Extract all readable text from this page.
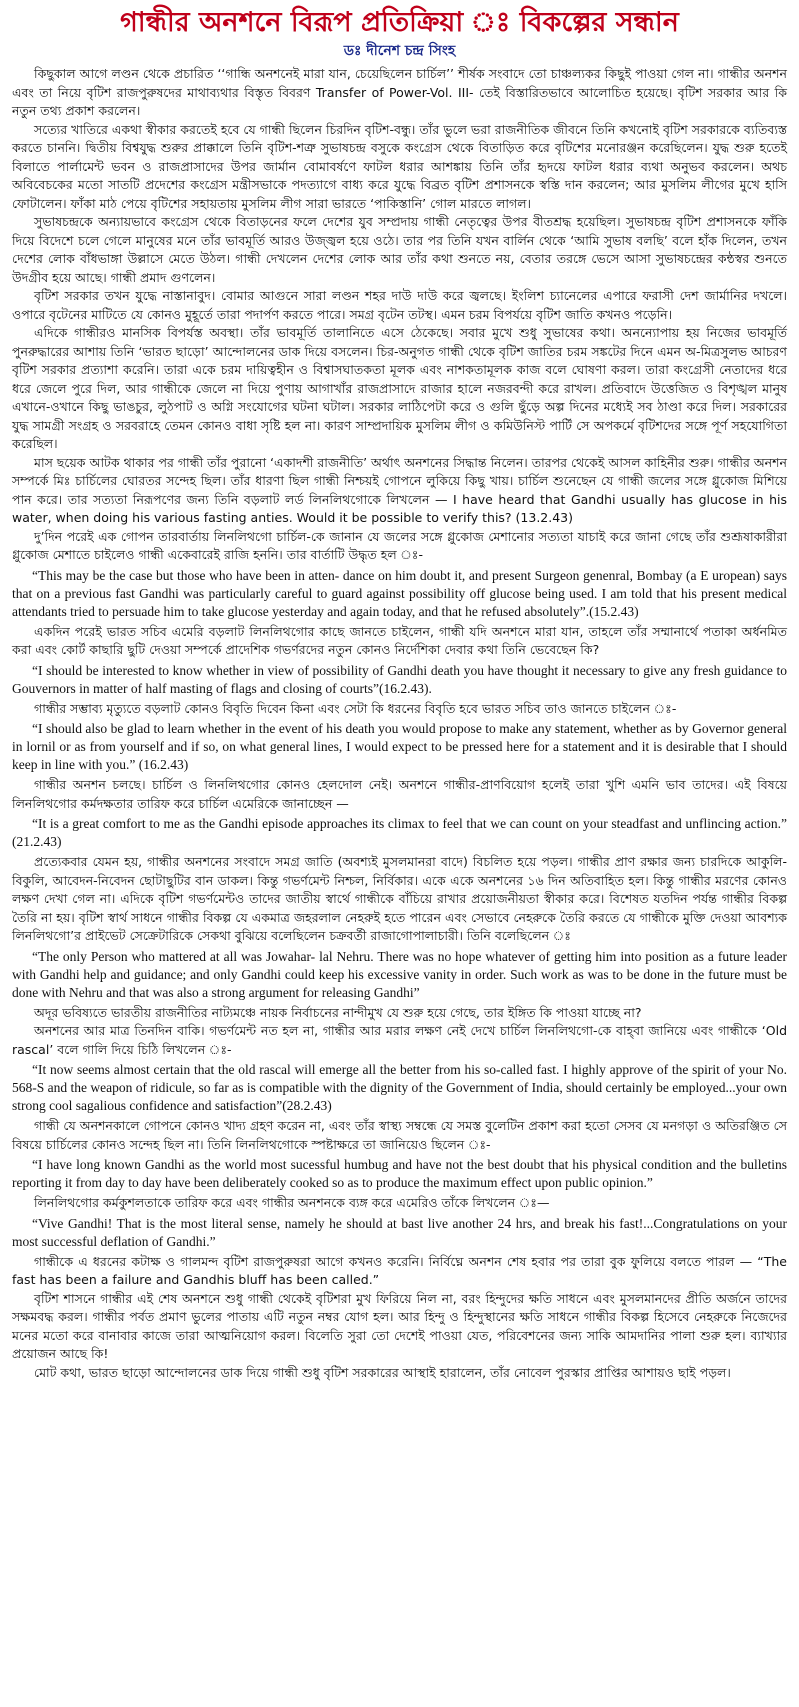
গান্ধীর অনশনে বিরূপ প্রতিক্রিয়া ঃ বিকল্পের সন্ধান
ডঃ দীনেশ চন্দ্র সিংহ

কিছুকাল আগে লণ্ডন থেকে প্রচারিত ‘‘গান্ধি অনশনেই মারা যান, চেয়েছিলেন চার্চিল’’ শীর্ষক সংবাদে তো চাঞ্চল্যকর কিছুই পাওয়া গেল না। গান্ধীর অনশন এবং তা নিয়ে বৃটিশ রাজপুরুষদের মাথাব্যথার বিস্তৃত বিবরণ Transfer of Power-Vol. III- তেই বিস্তারিতভাবে আলোচিত হয়েছে। বৃটিশ সরকার আর কি নতুন তথ্য প্রকাশ করলেন।

সত্যের খাতিরে একথা স্বীকার করতেই হবে যে গান্ধী ছিলেন চিরদিন বৃটিশ-বন্ধু। তাঁর ভুলে ভরা রাজনীতিক জীবনে তিনি কখনোই বৃটিশ সরকারকে ব্যতিব্যস্ত করতে চাননি। দ্বিতীয় বিশ্বযুদ্ধ শুরুর প্রাক্কালে তিনি বৃটিশ-শত্রু সুভাষচন্দ্র বসুকে কংগ্রেস থেকে বিতাড়িত করে বৃটিশের মনোরঞ্জন করেছিলেন। যুদ্ধ শুরু হতেই বিলাতে পার্লামেন্ট ভবন ও রাজপ্রাসাদের উপর জার্মান বোমাবর্ষণে ফাটল ধরার আশঙ্কায় তিনি তাঁর হৃদয়ে ফাটল ধরার ব্যথা অনুভব করলেন। অথচ অবিবেচকের মতো সাতটি প্রদেশের কংগ্রেস মন্ত্রীসভাকে পদত্যাগে বাধ্য করে যুদ্ধে বিব্রত বৃটিশ প্রশাসনকে স্বস্তি দান করলেন; আর মুসলিম লীগের মুখে হাসি ফোটালেন। ফাঁকা মাঠ পেয়ে বৃটিশের সহায়তায় মুসলিম লীগ সারা ভারতে ‘পাকিস্তানি’ গোল মারতে লাগল।

সুভাষচন্দ্রকে অন্যায়ভাবে কংগ্রেস থেকে বিতাড়নের ফলে দেশের যুব সম্প্রদায় গান্ধী নেতৃত্বের উপর বীতশ্রদ্ধ হয়েছিল। সুভাষচন্দ্র বৃটিশ প্রশাসনকে ফাঁকি দিয়ে বিদেশে চলে গেলে মানুষের মনে তাঁর ভাবমূর্তি আরও উজ্জ্বল হয়ে ওঠে। তার পর তিনি যখন বার্লিন থেকে ‘আমি সুভাষ বলছি’ বলে হাঁক দিলেন, তখন দেশের লোক বাঁধভাঙ্গা উল্লাসে মেতে উঠল। গান্ধী দেখলেন দেশের লোক আর তাঁর কথা শুনতে নয়, বেতার তরঙ্গে ভেসে আসা সুভাষচন্দ্রের কন্ঠস্বর শুনতে উদগ্রীব হয়ে আছে। গান্ধী প্রমাদ গুণলেন।

বৃটিশ সরকার তখন যুদ্ধে নাস্তানাবুদ। বোমার আগুনে সারা লণ্ডন শহর দাউ দাউ করে জ্বলছে। ইংলিশ চ্যানেলের এপারে ফরাসী দেশ জার্মানির দখলে। ওপারে বৃটেনের মাটিতে যে কোনও মুহূর্তে তারা পদার্পণ করতে পারে। সমগ্র বৃটেন তটস্থ। এমন চরম বিপর্যয়ে বৃটিশ জাতি কখনও পড়েনি।

এদিকে গান্ধীরও মানসিক বিপর্যস্ত অবস্থা। তাঁর ভাবমূর্তি তালানিতে এসে ঠেকেছে। সবার মুখে শুধু সুভাষের কথা। অনন্যোপায় হয় নিজের ভাবমূর্তি পুনরুদ্ধারের আশায় তিনি ‘ভারত ছাড়ো’ আন্দোলনের ডাক দিয়ে বসলেন। চির-অনুগত গান্ধী থেকে বৃটিশ জাতির চরম সঙ্কটের দিনে এমন অ-মিত্রসুলভ আচরণ বৃটিশ সরকার প্রত্যাশা করেনি। তারা একে চরম দায়িত্বহীন ও বিশ্বাসঘাতকতা মূলক এবং নাশকতামূলক কাজ বলে ঘোষণা করল। তারা কংগ্রেসী নেতাদের ধরে ধরে জেলে পুরে দিল, আর গান্ধীকে জেলে না দিয়ে পুণায় আগাখাঁর রাজপ্রাসাদে রাজার হালে নজরবন্দী করে রাখল। প্রতিবাদে উত্তেজিত ও বিশৃঙ্খল মানুষ এখানে-ওখানে কিছু ভাঙচুর, লুঠপাট ও অগ্নি সংযোগের ঘটনা ঘটাল। সরকার লাঠিপেটা করে ও গুলি ছুঁড়ে অল্প দিনের মধ্যেই সব ঠাণ্ডা করে দিল। সরকারের যুদ্ধ সামগ্রী সংগ্রহ ও সরবরাহে তেমন কোনও বাধা সৃষ্টি হল না। কারণ সাম্প্রদায়িক মুসলিম লীগ ও কমিউনিস্ট পার্টি সে অপকর্মে বৃটিশদের সঙ্গে পূর্ণ সহযোগিতা করেছিল।

মাস ছয়েক আটক থাকার পর গান্ধী তাঁর পুরানো ‘একাদশী রাজনীতি’ অর্থাৎ অনশনের সিদ্ধান্ত নিলেন। তারপর থেকেই আসল কাহিনীর শুরু। গান্ধীর অনশন সম্পর্কে মিঃ চার্চিলের ঘোরতর সন্দেহ ছিল। তাঁর ধারণা ছিল গান্ধী নিশ্চয়ই গোপনে লুকিয়ে কিছু খায়। চার্চিল শুনেছেন যে গান্ধী জলের সঙ্গে গ্লুকোজ মিশিয়ে পান করে। তার সত্যতা নিরূপণের জন্য তিনি বড়লাট লর্ড লিনলিথগোকে লিখলেন — I have heard that Gandhi usually has glucose in his water, when doing his various fasting anties. Would it be possible to verify this? (13.2.43)

দু’দিন পরেই এক গোপন তারবার্তায় লিনলিথগো চার্চিল-কে জানান যে জলের সঙ্গে গ্লুকোজ মেশানোর সত্যতা যাচাই করে জানা গেছে তাঁর শুশ্রূষাকারীরা গ্লুকোজ মেশাতে চাইলেও গান্ধী একেবারেই রাজি হননি। তার বার্তাটি উদ্ধৃত হল ঃ-

“This may be the case but those who have been in atten- dance on him doubt it, and present Surgeon genenral, Bombay (a E uropean) says that on a previous fast Gandhi was particularly careful to guard against possibility off glucose being used. I am told that his present medical attendants tried to persuade him to take glucose yesterday and again today, and that he refused absolutely”.(15.2.43)

একদিন পরেই ভারত সচিব এমেরি বড়লাট লিনলিথগোর কাছে জানতে চাইলেন, গান্ধী যদি অনশনে মারা যান, তাহলে তাঁর সম্মানার্থে পতাকা অর্ধনমিত করা এবং কোর্ট কাছারি ছুটি দেওয়া সম্পর্কে প্রাদেশিক গভর্ণরদের নতুন কোনও নির্দেশিকা দেবার কথা তিনি ভেবেছেন কি?

“I should be interested to know whether in view of possibility of Gandhi death you have thought it necessary to give any fresh guidance to Gouvernors in matter of half masting of flags and closing of courts”(16.2.43).

গান্ধীর সম্ভাব্য মৃত্যুতে বড়লাট কোনও বিবৃতি দিবেন কিনা এবং সেটা কি ধরনের বিবৃতি হবে ভারত সচিব তাও জানতে চাইলেন ঃ-

“I should also be glad to learn whether in the event of his death you would propose to make any statement, whether as by Governor general in lornil or as from yourself and if so, on what general lines, I would expect to be pressed here for a statement and it is desirable that I should keep in line with you.” (16.2.43)

গান্ধীর অনশন চলছে। চার্চিল ও লিনলিথগোর কোনও হেলদোল নেই। অনশনে গান্ধীর-প্রাণবিয়োগ হলেই তারা খুশি এমনি ভাব তাদের। এই বিষয়ে লিনলিথগোর কর্মদক্ষতার তারিফ করে চার্চিল এমেরিকে জানাচ্ছেন —

“It is a great comfort to me as the Gandhi episode approaches its climax to feel that we can count on your steadfast and unflincing action.” (21.2.43)

প্রত্যেকবার যেমন হয়, গান্ধীর অনশনের সংবাদে সমগ্র জাতি (অবশ্যই মুসলমানরা বাদে) বিচলিত হয়ে পড়ল। গান্ধীর প্রাণ রক্ষার জন্য চারদিকে আকুলি-বিকুলি, আবেদন-নিবেদন ছোটাছুটির বান ডাকল। কিন্তু গভর্ণমেন্ট নিশ্চল, নির্বিকার। একে একে অনশনের ১৬ দিন অতিবাহিত হল। কিন্তু গান্ধীর মরণের কোনও লক্ষণ দেখা গেল না। এদিকে বৃটিশ গভর্ণমেন্টও তাদের জাতীয় স্বার্থে গান্ধীকে বাঁচিয়ে রাখার প্রয়োজনীয়তা স্বীকার করে। বিশেষত যতদিন পর্যন্ত গান্ধীর বিকল্প তৈরি না হয়। বৃটিশ স্বার্থ সাধনে গান্ধীর বিকল্প যে একমাত্র জহরলাল নেহরুই হতে পারেন এবং সেভাবে নেহরুকে তৈরি করতে যে গান্ধীকে মুক্তি দেওয়া আবশ্যক লিনলিথগো’র প্রাইভেট সেক্রেটারিকে সেকথা বুঝিয়ে বলেছিলেন চক্রবর্তী রাজাগোপালাচারী। তিনি বলেছিলেন ঃ

“The only Person who mattered at all was Jowahar- lal Nehru. There was no hope whatever of getting him into position as a future leader with Gandhi help and guidance; and only Gandhi could keep his excessive vanity in order. Such work as was to be done in the future must be done with Nehru and that was also a strong argument for releasing Gandhi”

অদূর ভবিষ্যতে ভারতীয় রাজনীতির নাট্যমঞ্চে নায়ক নির্বাচনের নান্দীমুখ যে শুরু হয়ে গেছে, তার ইঙ্গিত কি পাওয়া যাচ্ছে না?

অনশনের আর মাত্র তিনদিন বাকি। গভর্ণমেন্ট নত হল না, গান্ধীর আর মরার লক্ষণ নেই দেখে চার্চিল লিনলিথগো-কে বাহ্‌বা জানিয়ে এবং গান্ধীকে ‘Old rascal’ বলে গালি দিয়ে চিঠি লিখলেন ঃ-

“It now seems almost certain that the old rascal will emerge all the better from his so-called fast. I highly approve of the spirit of your No. 568-S and the weapon of ridicule, so far as is compatible with the dignity of the Government of India, should certainly be employed...your own strong cool sagalious confidence and satisfaction”(28.2.43)

গান্ধী যে অনশনকালে গোপনে কোনও খাদ্য গ্রহণ করেন না, এবং তাঁর স্বাস্থ্য সম্বন্ধে যে সমস্ত বুলেটিন প্রকাশ করা হতো সেসব যে মনগড়া ও অতিরঞ্জিত সে বিষয়ে চার্চিলের কোনও সন্দেহ ছিল না। তিনি লিনলিথগোকে স্পষ্টাক্ষরে তা জানিয়েও ছিলেন ঃ-

“I have long known Gandhi as the world most sucessful humbug and have not the best doubt that his physical condition and the bulletins reporting it from day to day have been deliberately cooked so as to produce the maximum effect upon public opinion.”

লিনলিথগোর কর্মকুশলতাকে তারিফ করে এবং গান্ধীর অনশনকে ব্যঙ্গ করে এমেরিও তাঁকে লিখলেন ঃ—

“Vive Gandhi! That is the most literal sense, namely he should at bast live another 24 hrs, and break his fast!...Congratulations on your most successful deflation of Gandhi.”

গান্ধীকে এ ধরনের কটাক্ষ ও গালমন্দ বৃটিশ রাজপুরুষরা আগে কখনও করেনি। নির্বিঘ্নে অনশন শেষ হবার পর তারা বুক ফুলিয়ে বলতে পারল — “The fast has been a failure and Gandhis bluff has been called.”

বৃটিশ শাসনে গান্ধীর এই শেষ অনশনে শুধু গান্ধী থেকেই বৃটিশরা মুখ ফিরিয়ে নিল না, বরং হিন্দুদের ক্ষতি সাধনে এবং মুসলমানদের প্রীতি অর্জনে তাদের সক্ষমবদ্ধ করল। গান্ধীর পর্বত প্রমাণ ভুলের পাতায় এটি নতুন নম্বর যোগ হল। আর হিন্দু ও হিন্দুস্থানের ক্ষতি সাধনে গান্ধীর বিকল্প হিসেবে নেহরুকে নিজেদের মনের মতো করে বানাবার কাজে তারা আত্মনিয়োগ করল। বিলেতি সুরা তো দেশেই পাওয়া যেত, পরিবেশনের জন্য সাকি আমদানির পালা শুরু হল। ব্যাখ্যার প্রয়োজন আছে কি!

মোট কথা, ভারত ছাড়ো আন্দোলনের ডাক দিয়ে গান্ধী শুধু বৃটিশ সরকারের আস্থাই হারালেন, তাঁর নোবেল পুরস্কার প্রাপ্তির আশায়ও ছাই পড়ল।
